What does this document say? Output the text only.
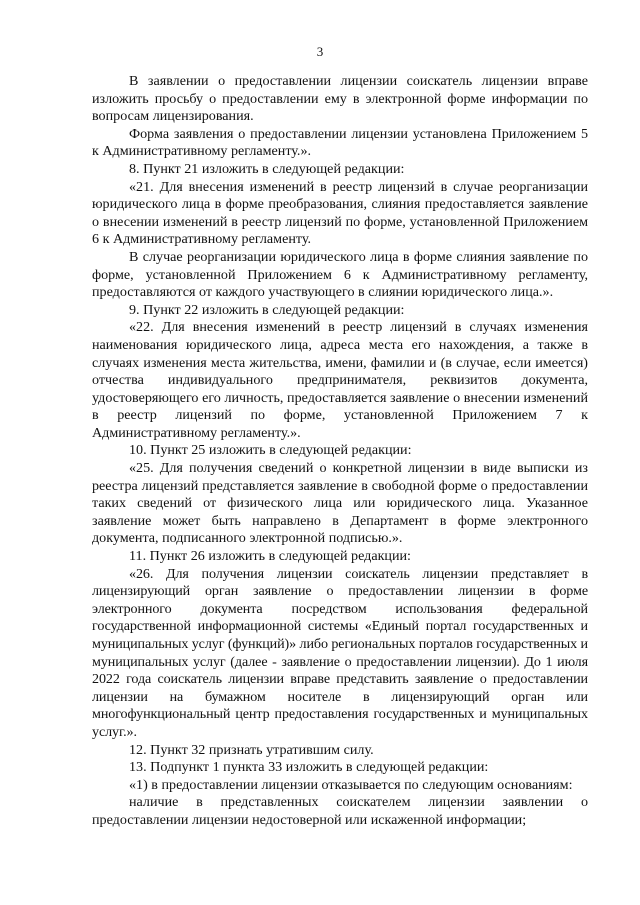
3

В заявлении о предоставлении лицензии соискатель лицензии вправе изложить просьбу о предоставлении ему в электронной форме информации по вопросам лицензирования.

Форма заявления о предоставлении лицензии установлена Приложением 5 к Административному регламенту.».

8. Пункт 21 изложить в следующей редакции:

«21. Для внесения изменений в реестр лицензий в случае реорганизации юридического лица в форме преобразования, слияния предоставляется заявление о внесении изменений в реестр лицензий по форме, установленной Приложением 6 к Административному регламенту.

В случае реорганизации юридического лица в форме слияния заявление по форме, установленной Приложением 6 к Административному регламенту, предоставляются от каждого участвующего в слиянии юридического лица.».

9. Пункт 22 изложить в следующей редакции:

«22. Для внесения изменений в реестр лицензий в случаях изменения наименования юридического лица, адреса места его нахождения, а также в случаях изменения места жительства, имени, фамилии и (в случае, если имеется) отчества индивидуального предпринимателя, реквизитов документа, удостоверяющего его личность, предоставляется заявление о внесении изменений в реестр лицензий по форме, установленной Приложением 7 к Административному регламенту.».

10. Пункт 25 изложить в следующей редакции:

«25. Для получения сведений о конкретной лицензии в виде выписки из реестра лицензий представляется заявление в свободной форме о предоставлении таких сведений от физического лица или юридического лица. Указанное заявление может быть направлено в Департамент в форме электронного документа, подписанного электронной подписью.».

11. Пункт 26 изложить в следующей редакции:

«26. Для получения лицензии соискатель лицензии представляет в лицензирующий орган заявление о предоставлении лицензии в форме электронного документа посредством использования федеральной государственной информационной системы «Единый портал государственных и муниципальных услуг (функций)» либо региональных порталов государственных и муниципальных услуг (далее - заявление о предоставлении лицензии). До 1 июля 2022 года соискатель лицензии вправе представить заявление о предоставлении лицензии на бумажном носителе в лицензирующий орган или многофункциональный центр предоставления государственных и муниципальных услуг.».

12. Пункт 32 признать утратившим силу.

13. Подпункт 1 пункта 33 изложить в следующей редакции:

«1) в предоставлении лицензии отказывается по следующим основаниям:

наличие в представленных соискателем лицензии заявлении о предоставлении лицензии недостоверной или искаженной информации;
